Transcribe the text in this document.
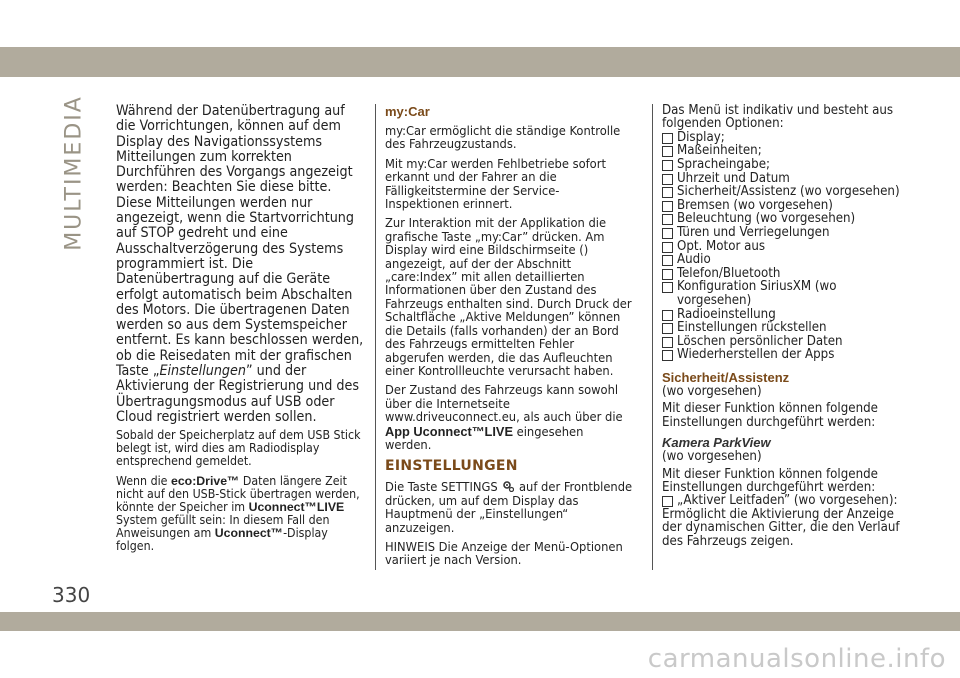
MULTIMEDIA Während der Datenübertragung auf die Vorrichtungen, können auf dem Display des Navigationssystems Mitteilungen zum korrekten Durchführen des Vorgangs angezeigt werden: Beachten Sie diese bitte. Diese Mitteilungen werden nur angezeigt, wenn die Startvorrichtung auf STOP gedreht und eine Ausschaltverzögerung des Systems programmiert ist. Die Datenübertragung auf die Geräte erfolgt automatisch beim Abschalten des Motors. Die übertragenen Daten werden so aus dem Systemspeicher entfernt. Es kann beschlossen werden, ob die Reisedaten mit der grafischen Taste „Einstellungen” und der Aktivierung der Registrierung und des Übertragungsmodus auf USB oder Cloud registriert werden sollen.

Sobald der Speicherplatz auf dem USB Stick belegt ist, wird dies am Radiodisplay entsprechend gemeldet.

Wenn die eco:Drive™ Daten längere Zeit nicht auf den USB-Stick übertragen werden, könnte der Speicher im Uconnect™LIVE System gefüllt sein: In diesem Fall den Anweisungen am Uconnect™-Display folgen.

my:Car

my:Car ermöglicht die ständige Kontrolle des Fahrzeugzustands.

Mit my:Car werden Fehlbetriebe sofort erkannt und der Fahrer an die Fälligkeitstermine der Service-Inspektionen erinnert.

Zur Interaktion mit der Applikation die grafische Taste „my:Car” drücken. Am Display wird eine Bildschirmseite () angezeigt, auf der der Abschnitt „care:Index” mit allen detaillierten Informationen über den Zustand des Fahrzeugs enthalten sind. Durch Druck der Schaltfläche „Aktive Meldungen” können die Details (falls vorhanden) der an Bord des Fahrzeugs ermittelten Fehler abgerufen werden, die das Aufleuchten einer Kontrollleuchte verursacht haben.

Der Zustand des Fahrzeugs kann sowohl über die Internetseite www.driveuconnect.eu, als auch über die App Uconnect™LIVE eingesehen werden.

EINSTELLUNGEN

Die Taste SETTINGS  auf der Frontblende drücken, um auf dem Display das Hauptmenü der „Einstellungen“ anzuzeigen.

HINWEIS Die Anzeige der Menü-Optionen variiert je nach Version.

Das Menü ist indikativ und besteht aus folgenden Optionen:

Display;
Maßeinheiten;
Spracheingabe;
Uhrzeit und Datum
Sicherheit/Assistenz (wo vorgesehen)
Bremsen (wo vorgesehen)
Beleuchtung (wo vorgesehen)
Türen und Verriegelungen
Opt. Motor aus
Audio
Telefon/Bluetooth
Konfiguration SiriusXM (wo vorgesehen)
Radioeinstellung
Einstellungen rückstellen
Löschen persönlicher Daten
Wiederherstellen der Apps
Sicherheit/Assistenz

(wo vorgesehen)

Mit dieser Funktion können folgende Einstellungen durchgeführt werden:

Kamera ParkView

(wo vorgesehen)

Mit dieser Funktion können folgende Einstellungen durchgeführt werden:

„Aktiver Leitfaden” (wo vorgesehen):

Ermöglicht die Aktivierung der Anzeige der dynamischen Gitter, die den Verlauf des Fahrzeugs zeigen.

330
carmanualsonline.info
